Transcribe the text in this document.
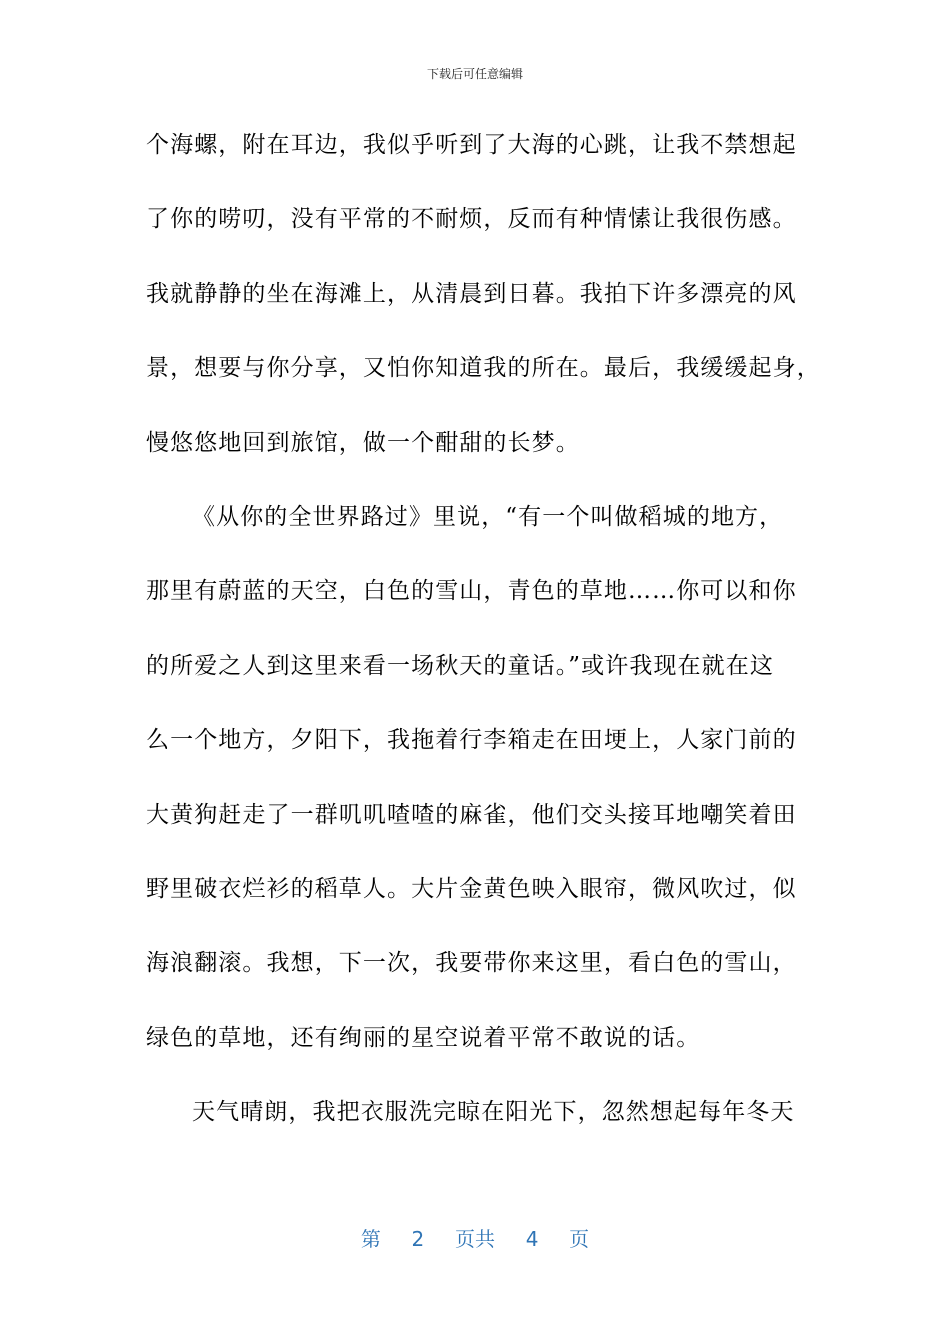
下载后可任意编辑
个海螺，附在耳边，我似乎听到了大海的心跳，让我不禁想起
了你的唠叨，没有平常的不耐烦，反而有种情愫让我很伤感。
我就静静的坐在海滩上，从清晨到日暮。我拍下许多漂亮的风
景，想要与你分享，又怕你知道我的所在。最后，我缓缓起身，
慢悠悠地回到旅馆，做一个酣甜的长梦。
《从你的全世界路过》里说，“有一个叫做稻城的地方，
那里有蔚蓝的天空，白色的雪山，青色的草地……你可以和你
的所爱之人到这里来看一场秋天的童话。”或许我现在就在这
么一个地方，夕阳下，我拖着行李箱走在田埂上，人家门前的
大黄狗赶走了一群叽叽喳喳的麻雀，他们交头接耳地嘲笑着田
野里破衣烂衫的稻草人。大片金黄色映入眼帘，微风吹过，似
海浪翻滚。我想，下一次，我要带你来这里，看白色的雪山，
绿色的草地，还有绚丽的星空说着平常不敢说的话。
天气晴朗，我把衣服洗完晾在阳光下，忽然想起每年冬天
第 2 页共 4 页
